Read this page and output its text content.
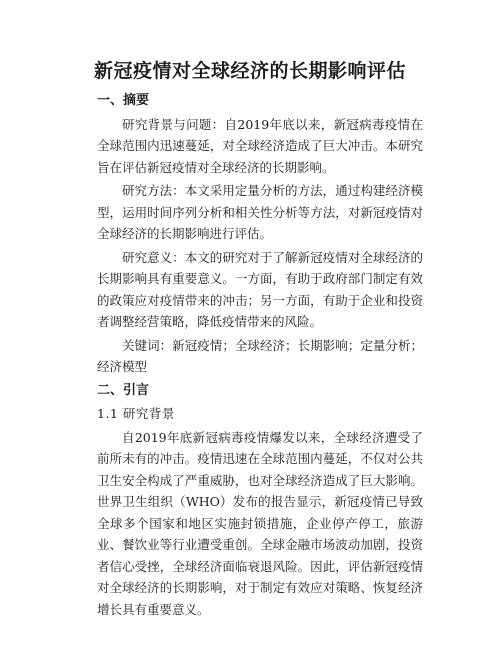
新冠疫情对全球经济的长期影响评估
一、摘要

研究背景与问题：自2019年底以来，新冠病毒疫情在全球范围内迅速蔓延，对全球经济造成了巨大冲击。本研究旨在评估新冠疫情对全球经济的长期影响。

研究方法：本文采用定量分析的方法，通过构建经济模型，运用时间序列分析和相关性分析等方法，对新冠疫情对全球经济的长期影响进行评估。

研究意义：本文的研究对于了解新冠疫情对全球经济的长期影响具有重要意义。一方面，有助于政府部门制定有效的政策应对疫情带来的冲击；另一方面，有助于企业和投资者调整经营策略，降低疫情带来的风险。

关键词：新冠疫情；全球经济；长期影响；定量分析；经济模型

二、引言
1.1 研究背景

自2019年底新冠病毒疫情爆发以来，全球经济遭受了前所未有的冲击。疫情迅速在全球范围内蔓延，不仅对公共卫生安全构成了严重威胁，也对全球经济造成了巨大影响。世界卫生组织（WHO）发布的报告显示，新冠疫情已导致全球多个国家和地区实施封锁措施，企业停产停工，旅游业、餐饮业等行业遭受重创。全球金融市场波动加剧，投资者信心受挫，全球经济面临衰退风险。因此，评估新冠疫情对全球经济的长期影响，对于制定有效应对策略、恢复经济增长具有重要意义。
